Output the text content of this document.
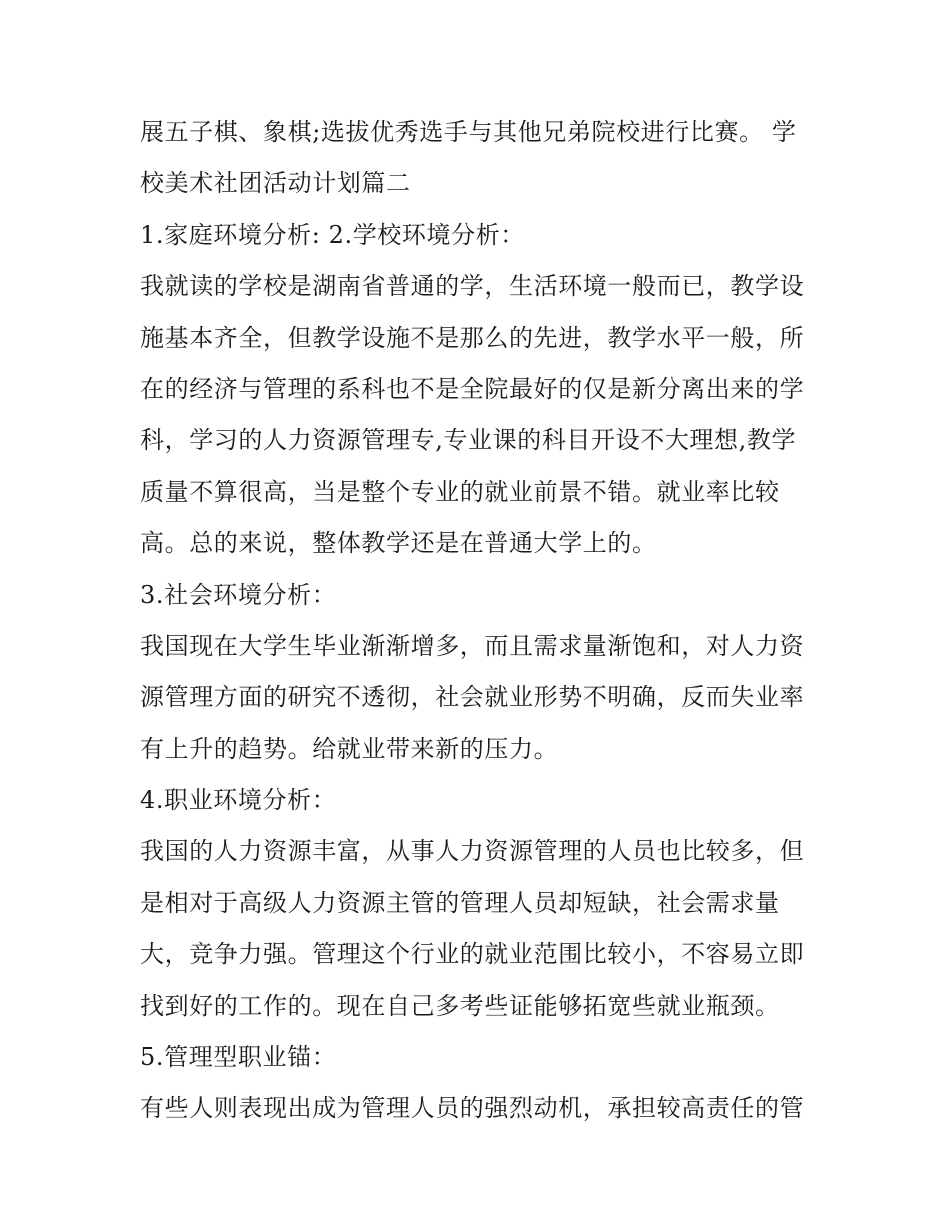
展五子棋、象棋;选拔优秀选手与其他兄弟院校进行比赛。 学

校美术社团活动计划篇二

1.家庭环境分析: 2.学校环境分析：

我就读的学校是湖南省普通的学，生活环境一般而已，教学设

施基本齐全，但教学设施不是那么的先进，教学水平一般，所

在的经济与管理的系科也不是全院最好的仅是新分离出来的学

科，学习的人力资源管理专,专业课的科目开设不大理想,教学

质量不算很高，当是整个专业的就业前景不错。就业率比较

高。总的来说，整体教学还是在普通大学上的。

3.社会环境分析：

我国现在大学生毕业渐渐增多，而且需求量渐饱和，对人力资

源管理方面的研究不透彻，社会就业形势不明确，反而失业率

有上升的趋势。给就业带来新的压力。

4.职业环境分析：

我国的人力资源丰富，从事人力资源管理的人员也比较多，但

是相对于高级人力资源主管的管理人员却短缺，社会需求量

大，竞争力强。管理这个行业的就业范围比较小，不容易立即

找到好的工作的。现在自己多考些证能够拓宽些就业瓶颈。

5.管理型职业锚：

有些人则表现出成为管理人员的强烈动机，承担较高责任的管
